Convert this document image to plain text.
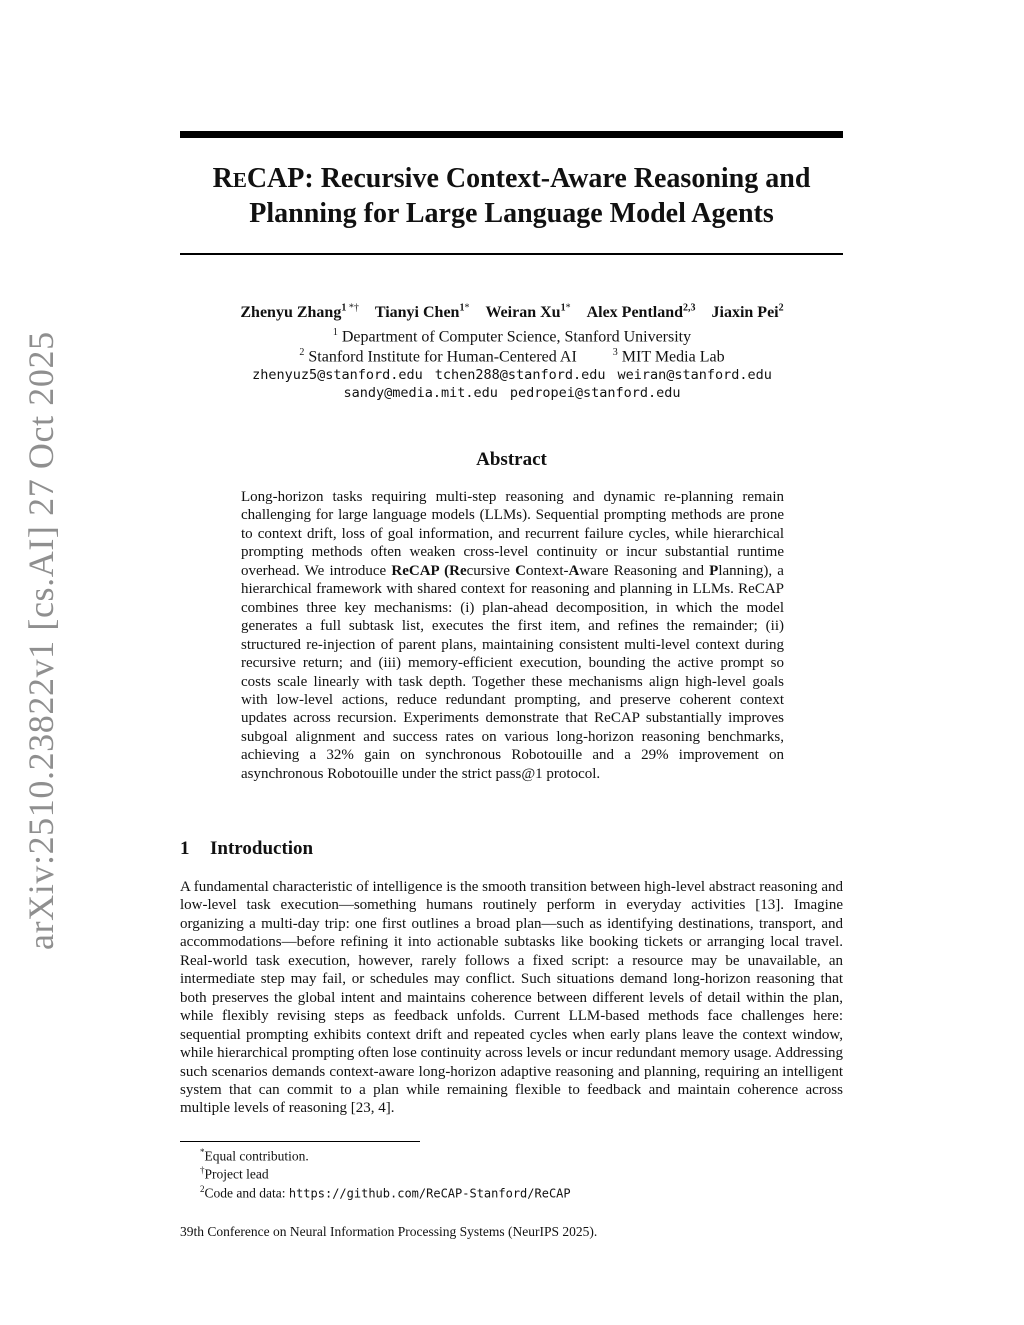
arXiv:2510.23822v1 [cs.AI] 27 Oct 2025
RECAP: Recursive Context-Aware Reasoning and
Planning for Large Language Model Agents
Zhenyu Zhang$^1$ *† Tianyi Chen$^{1*}$ Weiran $Xu^{1*}$ Alex Pentland$^{2,3}$ Jiaxin Pei$^2$
$^1$ Department of Computer Science, Stanford University
$^2$ Stanford Institute for Human-Centered AI	$^3$ MIT Media Lab
zhenyuz5@stanford.edu tchen288@stanford.edu weiran@stanford.edu
sandy@media.mit.edu pedropei@stanford.edu
Abstract

Long-horizon tasks requiring multi-step reasoning and dynamic re-planning remain challenging for large language models (LLMs). Sequential prompting methods are prone to context drift, loss of goal information, and recurrent failure cycles, while hierarchical prompting methods often weaken cross-level continuity or incur substantial runtime overhead. We introduce ReCAP (Recursive Context-Aware Reasoning and Planning), a hierarchical framework with shared context for reasoning and planning in LLMs. ReCAP combines three key mechanisms: (i) plan-ahead decomposition, in which the model generates a full subtask list, executes the first item, and refines the remainder; (ii) structured re-injection of parent plans, maintaining consistent multi-level context during recursive return; and (iii) memory-efficient execution, bounding the active prompt so costs scale linearly with task depth. Together these mechanisms align high-level goals with low-level actions, reduce redundant prompting, and preserve coherent context updates across recursion. Experiments demonstrate that ReCAP substantially improves subgoal alignment and success rates on various long-horizon reasoning benchmarks, achieving a 32% gain on synchronous Robotouille and a 29% improvement on asynchronous Robotouille under the strict pass@1 protocol.

1 Introduction

A fundamental characteristic of intelligence is the smooth transition between high-level abstract reasoning and low-level task execution—something humans routinely perform in everyday activities [13]. Imagine organizing a multi-day trip: one first outlines a broad plan—such as identifying destinations, transport, and accommodations—before refining it into actionable subtasks like booking tickets or arranging local travel. Real-world task execution, however, rarely follows a fixed script: a resource may be unavailable, an intermediate step may fail, or schedules may conflict. Such situations demand long-horizon reasoning that both preserves the global intent and maintains coherence between different levels of detail within the plan, while flexibly revising steps as feedback unfolds. Current LLM-based methods face challenges here: sequential prompting exhibits context drift and repeated cycles when early plans leave the context window, while hierarchical prompting often lose continuity across levels or incur redundant memory usage. Addressing such scenarios demands context-aware long-horizon adaptive reasoning and planning, requiring an intelligent system that can commit to a plan while remaining flexible to feedback and maintain coherence across multiple levels of reasoning [23, 4].

*Equal contribution.
†Project lead
$^2$Code and data: https://github.com/ReCAP-Stanford/ReCAP
39th Conference on Neural Information Processing Systems (NeurIPS 2025).
